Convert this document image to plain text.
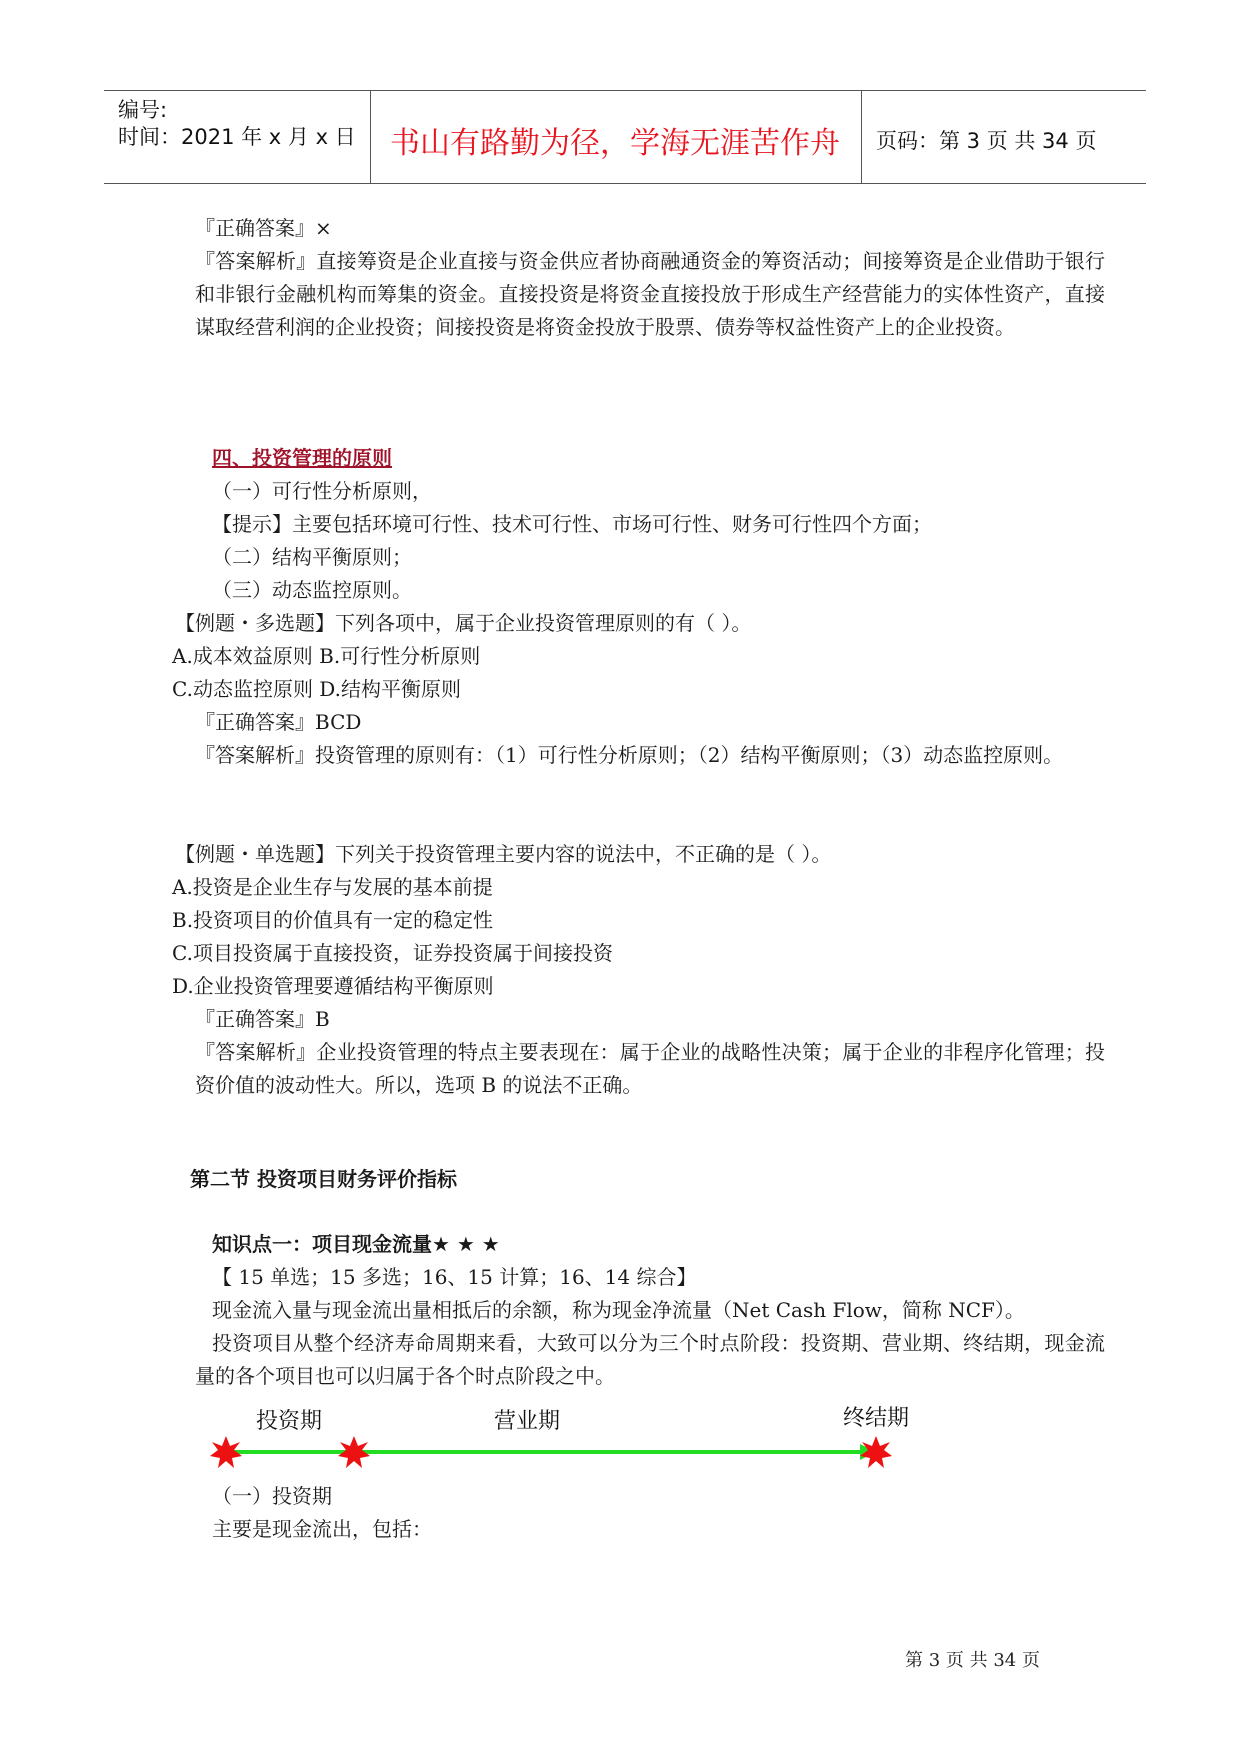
编号:
时间：2021 年 x 月 x 日	书山有路勤为径，学海无涯苦作舟	页码：第 3 页 共 34 页
『正确答案』×
『答案解析』直接筹资是企业直接与资金供应者协商融通资金的筹资活动；间接筹资是企业借助于银行和非银行金融机构而筹集的资金。直接投资是将资金直接投放于形成生产经营能力的实体性资产，直接谋取经营利润的企业投资；间接投资是将资金投放于股票、债券等权益性资产上的企业投资。
四、投资管理的原则
（一）可行性分析原则，
【提示】主要包括环境可行性、技术可行性、市场可行性、财务可行性四个方面；
（二）结构平衡原则；
（三）动态监控原则。
【例题・多选题】下列各项中，属于企业投资管理原则的有（ ）。
A.成本效益原则 B.可行性分析原则
C.动态监控原则 D.结构平衡原则
『正确答案』BCD
『答案解析』投资管理的原则有：（1）可行性分析原则；（2）结构平衡原则；（3）动态监控原则。
【例题・单选题】下列关于投资管理主要内容的说法中，不正确的是（ ）。
A.投资是企业生存与发展的基本前提
B.投资项目的价值具有一定的稳定性
C.项目投资属于直接投资，证券投资属于间接投资
D.企业投资管理要遵循结构平衡原则
『正确答案』B
『答案解析』企业投资管理的特点主要表现在：属于企业的战略性决策；属于企业的非程序化管理；投资价值的波动性大。所以，选项 B 的说法不正确。
第二节 投资项目财务评价指标
知识点一：项目现金流量★ ★ ★
【 15 单选；15 多选；16、15 计算；16、14 综合】
现金流入量与现金流出量相抵后的余额，称为现金净流量（Net Cash Flow，简称 NCF）。
投资项目从整个经济寿命周期来看，大致可以分为三个时点阶段：投资期、营业期、终结期，现金流量的各个项目也可以归属于各个时点阶段之中。
投资期	营业期	终结期
（一）投资期
主要是现金流出，包括：
第 3 页 共 34 页
